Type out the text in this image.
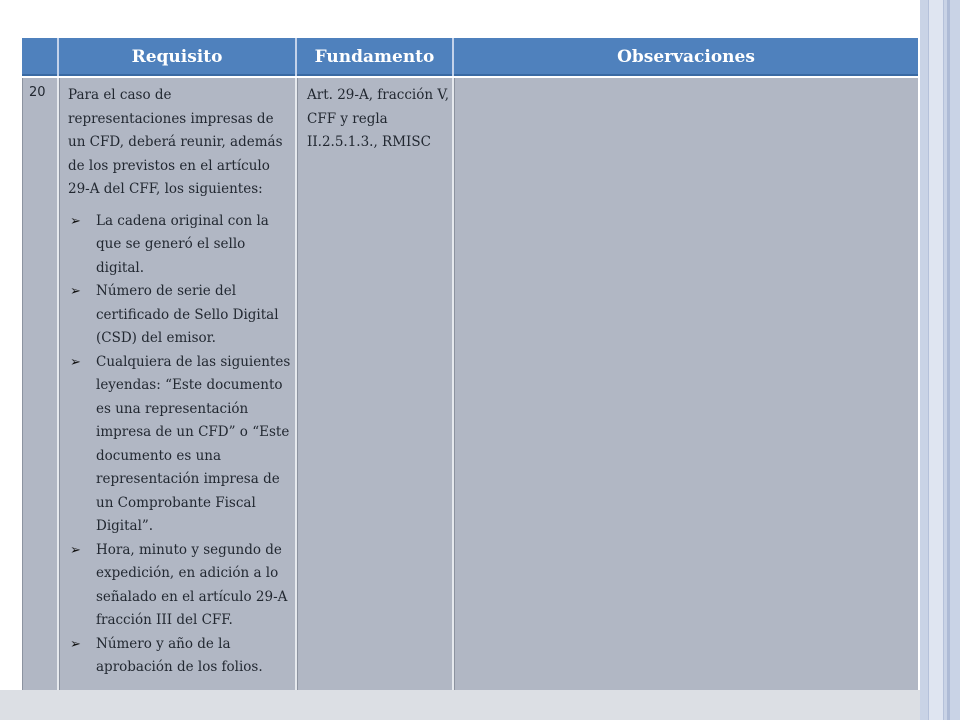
Requisito	Fundamento	Observaciones
20 Para el caso de representaciones impresas de un CFD, deberá reunir, además de los previstos en el artículo 29-A del CFF, los siguientes:

➢ La cadena original con la que se generó el sello digital.
➢ Número de serie del certificado de Sello Digital (CSD) del emisor.
➢ Cualquiera de las siguientes leyendas: “Este documento es una representación impresa de un CFD” o “Este documento es una representación impresa de un Comprobante Fiscal Digital”.
➢ Hora, minuto y segundo de expedición, en adición a lo señalado en el artículo 29-A fracción III del CFF.
➢ Número y año de la aprobación de los folios.
Art. 29-A, fracción V, CFF y regla II.2.5.1.3., RMISC
